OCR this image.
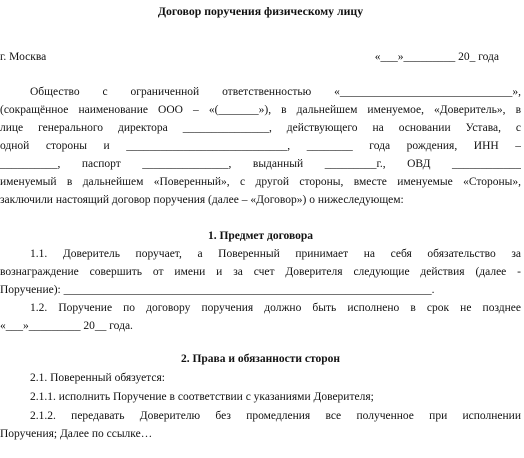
Договор поручения физическому лицу
г. Москва	«___»_________ 20_ года
Общество с ограниченной ответственностью «______________________________»,
(сокращённое наименование ООО – «(_______»), в дальнейшем именуемое, «Доверитель», в
лице генерального директора _______________, действующего на основании Устава, с
одной стороны и ____________________________, ________ года рождения, ИНН –
__________, паспорт _______________, выданный _________г., ОВД ____________
именуемый в дальнейшем «Поверенный», с другой стороны, вместе именуемые «Стороны»,
заключили настоящий договор поручения (далее – «Договор») о нижеследующем:
1. Предмет договора
1.1. Доверитель поручает, а Поверенный принимает на себя обязательство за
вознаграждение совершить от имени и за счет Доверителя следующие действия (далее -
Поручение): ________________________________________________________________.
1.2. Поручение по договору поручения должно быть исполнено в срок не позднее
«___»_________ 20__ года.
2. Права и обязанности сторон
2.1. Поверенный обязуется:
2.1.1. исполнить Поручение в соответствии с указаниями Доверителя;
2.1.2. передавать Доверителю без промедления все полученное при исполнении
Поручения; Далее по ссылке…
